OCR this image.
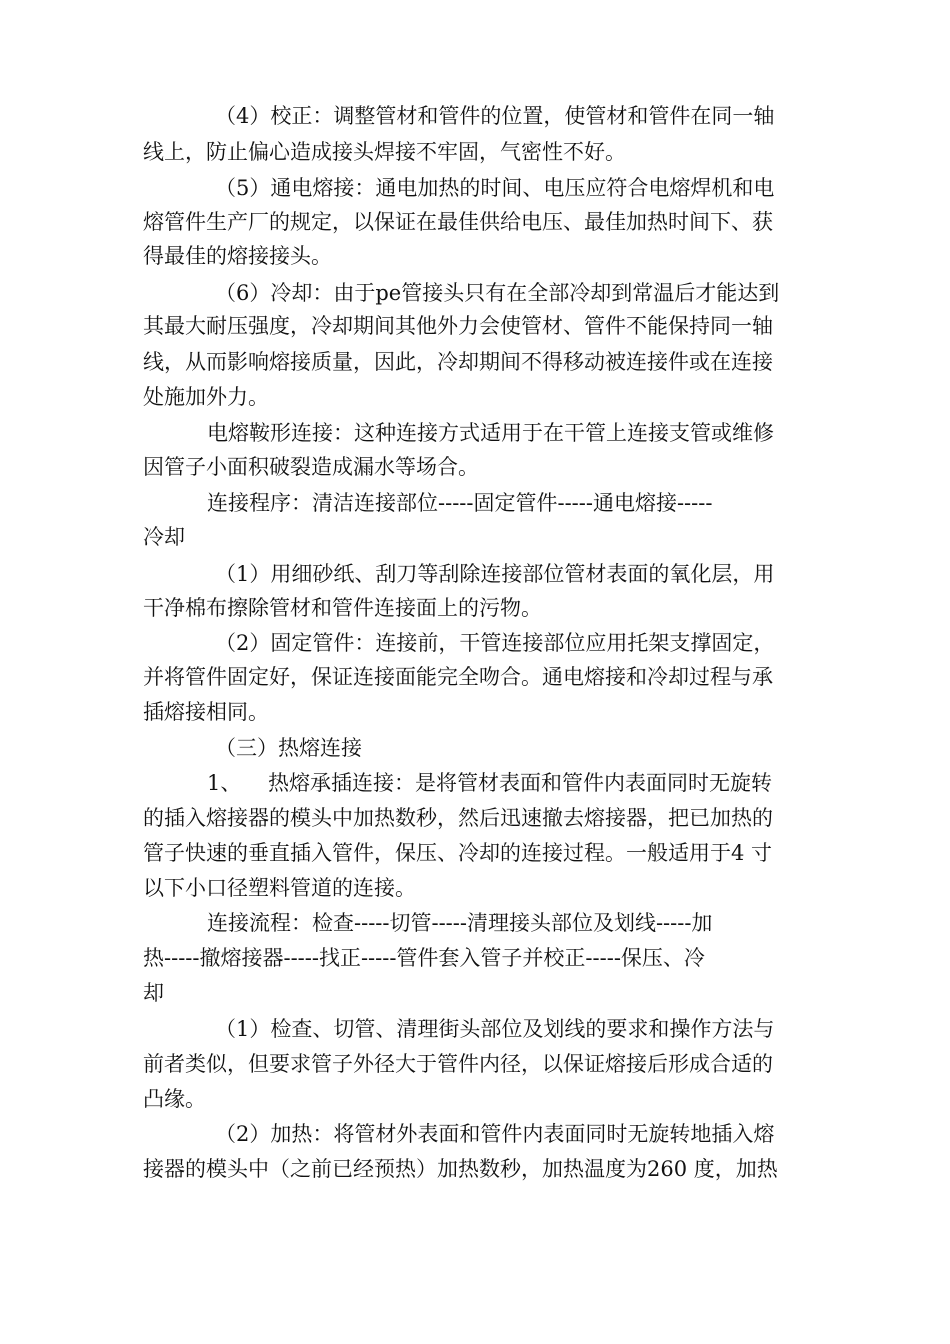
（4）校正：调整管材和管件的位置，使管材和管件在同一轴
线上，防止偏心造成接头焊接不牢固，气密性不好。
（5）通电熔接：通电加热的时间、电压应符合电熔焊机和电
熔管件生产厂的规定，以保证在最佳供给电压、最佳加热时间下、获
得最佳的熔接接头。
（6）冷却：由于pe管接头只有在全部冷却到常温后才能达到
其最大耐压强度，冷却期间其他外力会使管材、管件不能保持同一轴
线，从而影响熔接质量，因此，冷却期间不得移动被连接件或在连接
处施加外力。
电熔鞍形连接：这种连接方式适用于在干管上连接支管或维修
因管子小面积破裂造成漏水等场合。
连接程序：清洁连接部位-----固定管件-----通电熔接-----
冷却
（1）用细砂纸、刮刀等刮除连接部位管材表面的氧化层，用
干净棉布擦除管材和管件连接面上的污物。
（2）固定管件：连接前，干管连接部位应用托架支撑固定，
并将管件固定好，保证连接面能完全吻合。通电熔接和冷却过程与承
插熔接相同。
（三）热熔连接
1、    热熔承插连接：是将管材表面和管件内表面同时无旋转
的插入熔接器的模头中加热数秒，然后迅速撤去熔接器，把已加热的
管子快速的垂直插入管件，保压、冷却的连接过程。一般适用于4 寸
以下小口径塑料管道的连接。
连接流程：检查-----切管-----清理接头部位及划线-----加
热-----撤熔接器-----找正-----管件套入管子并校正-----保压、冷
却
（1）检查、切管、清理街头部位及划线的要求和操作方法与
前者类似，但要求管子外径大于管件内径，以保证熔接后形成合适的
凸缘。
（2）加热：将管材外表面和管件内表面同时无旋转地插入熔
接器的模头中（之前已经预热）加热数秒，加热温度为260 度，加热
